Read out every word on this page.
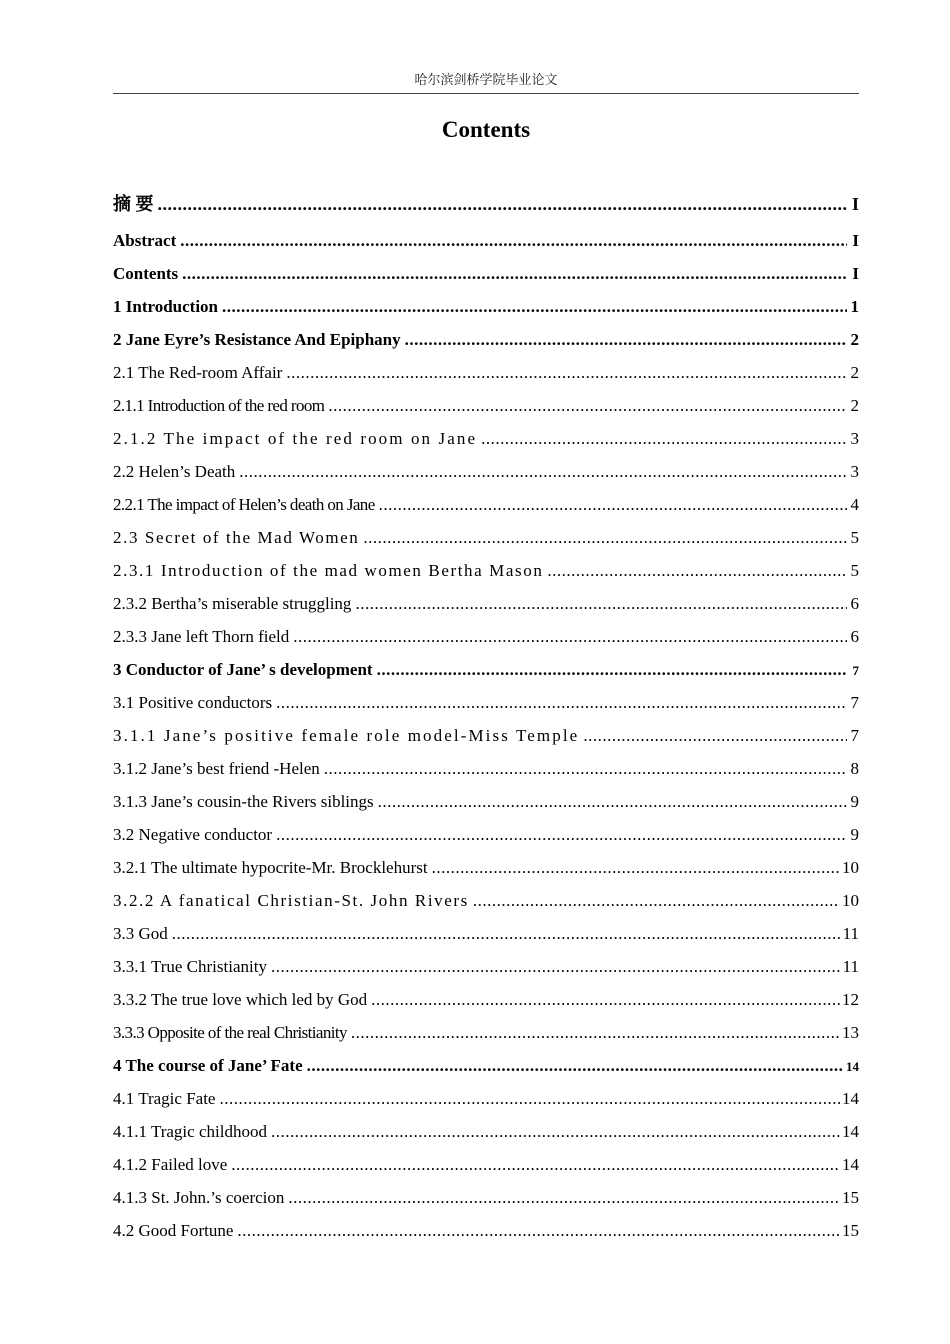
哈尔滨剑桥学院毕业论文
Contents
摘 要 .....	I
Abstract .....	I
Contents .....	I
1 Introduction .....	1
2 Jane Eyre’s Resistance And Epiphany .....	2
2.1 The Red-room Affair .....	2
2.1.1 Introduction of the red room .....	2
2.1.2 The impact of the red room on Jane .....	3
2.2 Helen’s Death .....	3
2.2.1 The impact of Helen’s death on Jane .....	4
2.3 Secret of the Mad Women .....	5
2.3.1 Introduction of the mad women Bertha Mason .....	5
2.3.2 Bertha’s miserable struggling .....	6
2.3.3 Jane left Thorn field .....	6
3 Conductor of Jane’ s development .....	7
3.1 Positive conductors .....	7
3.1.1 Jane’s positive female role model-Miss Temple .....	7
3.1.2 Jane’s best friend -Helen .....	8
3.1.3 Jane’s cousin-the Rivers siblings .....	9
3.2 Negative conductor .....	9
3.2.1 The ultimate hypocrite-Mr. Brocklehurst .....	10
3.2.2 A fanatical Christian-St. John Rivers .....	10
3.3 God .....	11
3.3.1 True Christianity .....	11
3.3.2 The true love which led by God .....	12
3.3.3 Opposite of the real Christianity .....	13
4 The course of Jane’ Fate .....	14
4.1 Tragic Fate .....	14
4.1.1 Tragic childhood .....	14
4.1.2 Failed love .....	14
4.1.3 St. John.’s coercion .....	15
4.2 Good Fortune .....	15
